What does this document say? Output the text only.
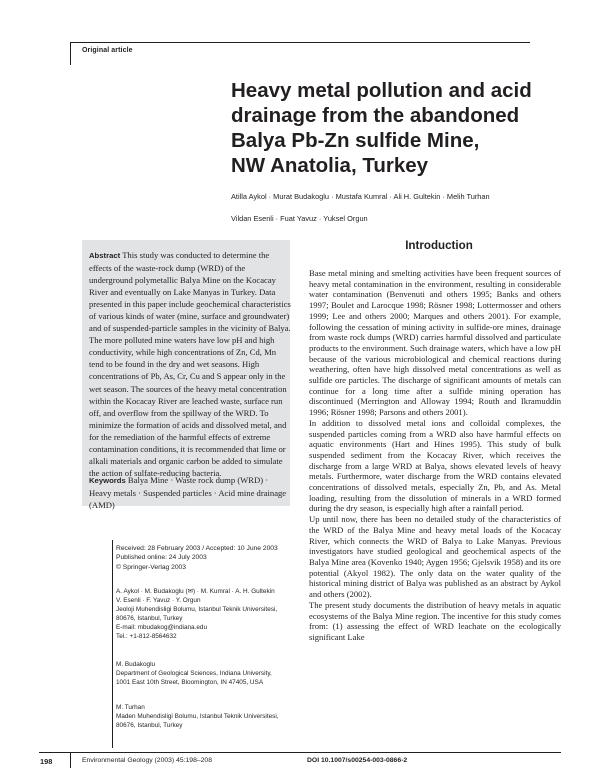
Original article
Heavy metal pollution and acid
drainage from the abandoned
Balya Pb-Zn sulfide Mine,
NW Anatolia, Turkey
Atilla Aykol · Murat Budakoglu · Mustafa Kumral · Ali H. Gultekin · Melih Turhan
Vildan Esenli · Fuat Yavuz · Yuksel Orgun
Abstract This study was conducted to determine the effects of the waste-rock dump (WRD) of the underground polymetallic Balya Mine on the Kocacay River and eventually on Lake Manyas in Turkey. Data presented in this paper include geochemical characteristics of various kinds of water (mine, surface and groundwater) and of suspended-particle samples in the vicinity of Balya. The more polluted mine waters have low pH and high conductivity, while high concentrations of Zn, Cd, Mn tend to be found in the dry and wet seasons. High concentrations of Pb, As, Cr, Cu and S appear only in the wet season. The sources of the heavy metal concentration within the Kocacay River are leached waste, surface run off, and overflow from the spillway of the WRD. To minimize the formation of acids and dissolved metal, and for the remediation of the harmful effects of extreme contamination conditions, it is recommended that lime or alkali materials and organic carbon be added to simulate the action of sulfate-reducing bacteria.
Keywords Balya Mine · Waste rock dump (WRD) · Heavy metals · Suspended particles · Acid mine drainage (AMD)
Received: 28 February 2003 / Accepted: 10 June 2003
Published online: 24 July 2003
© Springer-Verlag 2003
A. Aykol · M. Budakoglu (✉) · M. Kumral · A. H. Gultekin
V. Esenli · F. Yavuz · Y. Orgun
Jeoloji Muhendisligi Bolumu, Istanbul Teknik Universitesi,
80676, Istanbul, Turkey
E-mail: mbudakog@indiana.edu
Tel.: +1-812-8564632
M. Budakoglu
Department of Geological Sciences, Indiana University,
1001 East 10th Street, Bloomington, IN 47405, USA
M. Turhan
Maden Muhendisligi Bolumu, Istanbul Teknik Universitesi,
80676, Istanbul, Turkey
Introduction

Base metal mining and smelting activities have been frequent sources of heavy metal contamination in the environment, resulting in considerable water contamination (Benvenuti and others 1995; Banks and others 1997; Boulet and Larocque 1998; Rösner 1998; Lottermosser and others 1999; Lee and others 2000; Marques and others 2001). For example, following the cessation of mining activity in sulfide-ore mines, drainage from waste rock dumps (WRD) carries harmful dissolved and particulate products to the environment. Such drainage waters, which have a low pH because of the various microbiological and chemical reactions during weathering, often have high dissolved metal concentrations as well as sulfide ore particles. The discharge of significant amounts of metals can continue for a long time after a sulfide mining operation has discontinued (Merrington and Alloway 1994; Routh and Ikramuddin 1996; Rösner 1998; Parsons and others 2001).

In addition to dissolved metal ions and colloidal complexes, the suspended particles coming from a WRD also have harmful effects on aquatic environments (Hart and Hines 1995). This study of bulk suspended sediment from the Kocacay River, which receives the discharge from a large WRD at Balya, shows elevated levels of heavy metals. Furthermore, water discharge from the WRD contains elevated concentrations of dissolved metals, especially Zn, Pb, and As. Metal loading, resulting from the dissolution of minerals in a WRD formed during the dry season, is especially high after a rainfall period.

Up until now, there has been no detailed study of the characteristics of the WRD of the Balya Mine and heavy metal loads of the Kocacay River, which connects the WRD of Balya to Lake Manyas. Previous investigators have studied geological and geochemical aspects of the Balya Mine area (Kovenko 1940; Aygen 1956; Gjelsvik 1958) and its ore potential (Akyol 1982). The only data on the water quality of the historical mining district of Balya was published as an abstract by Aykol and others (2002).

The present study documents the distribution of heavy metals in aquatic ecosystems of the Balya Mine region. The incentive for this study comes from: (1) assessing the effect of WRD leachate on the ecologically significant Lake

198	Environmental Geology (2003) 45:198–208	DOI 10.1007/s00254-003-0866-2
